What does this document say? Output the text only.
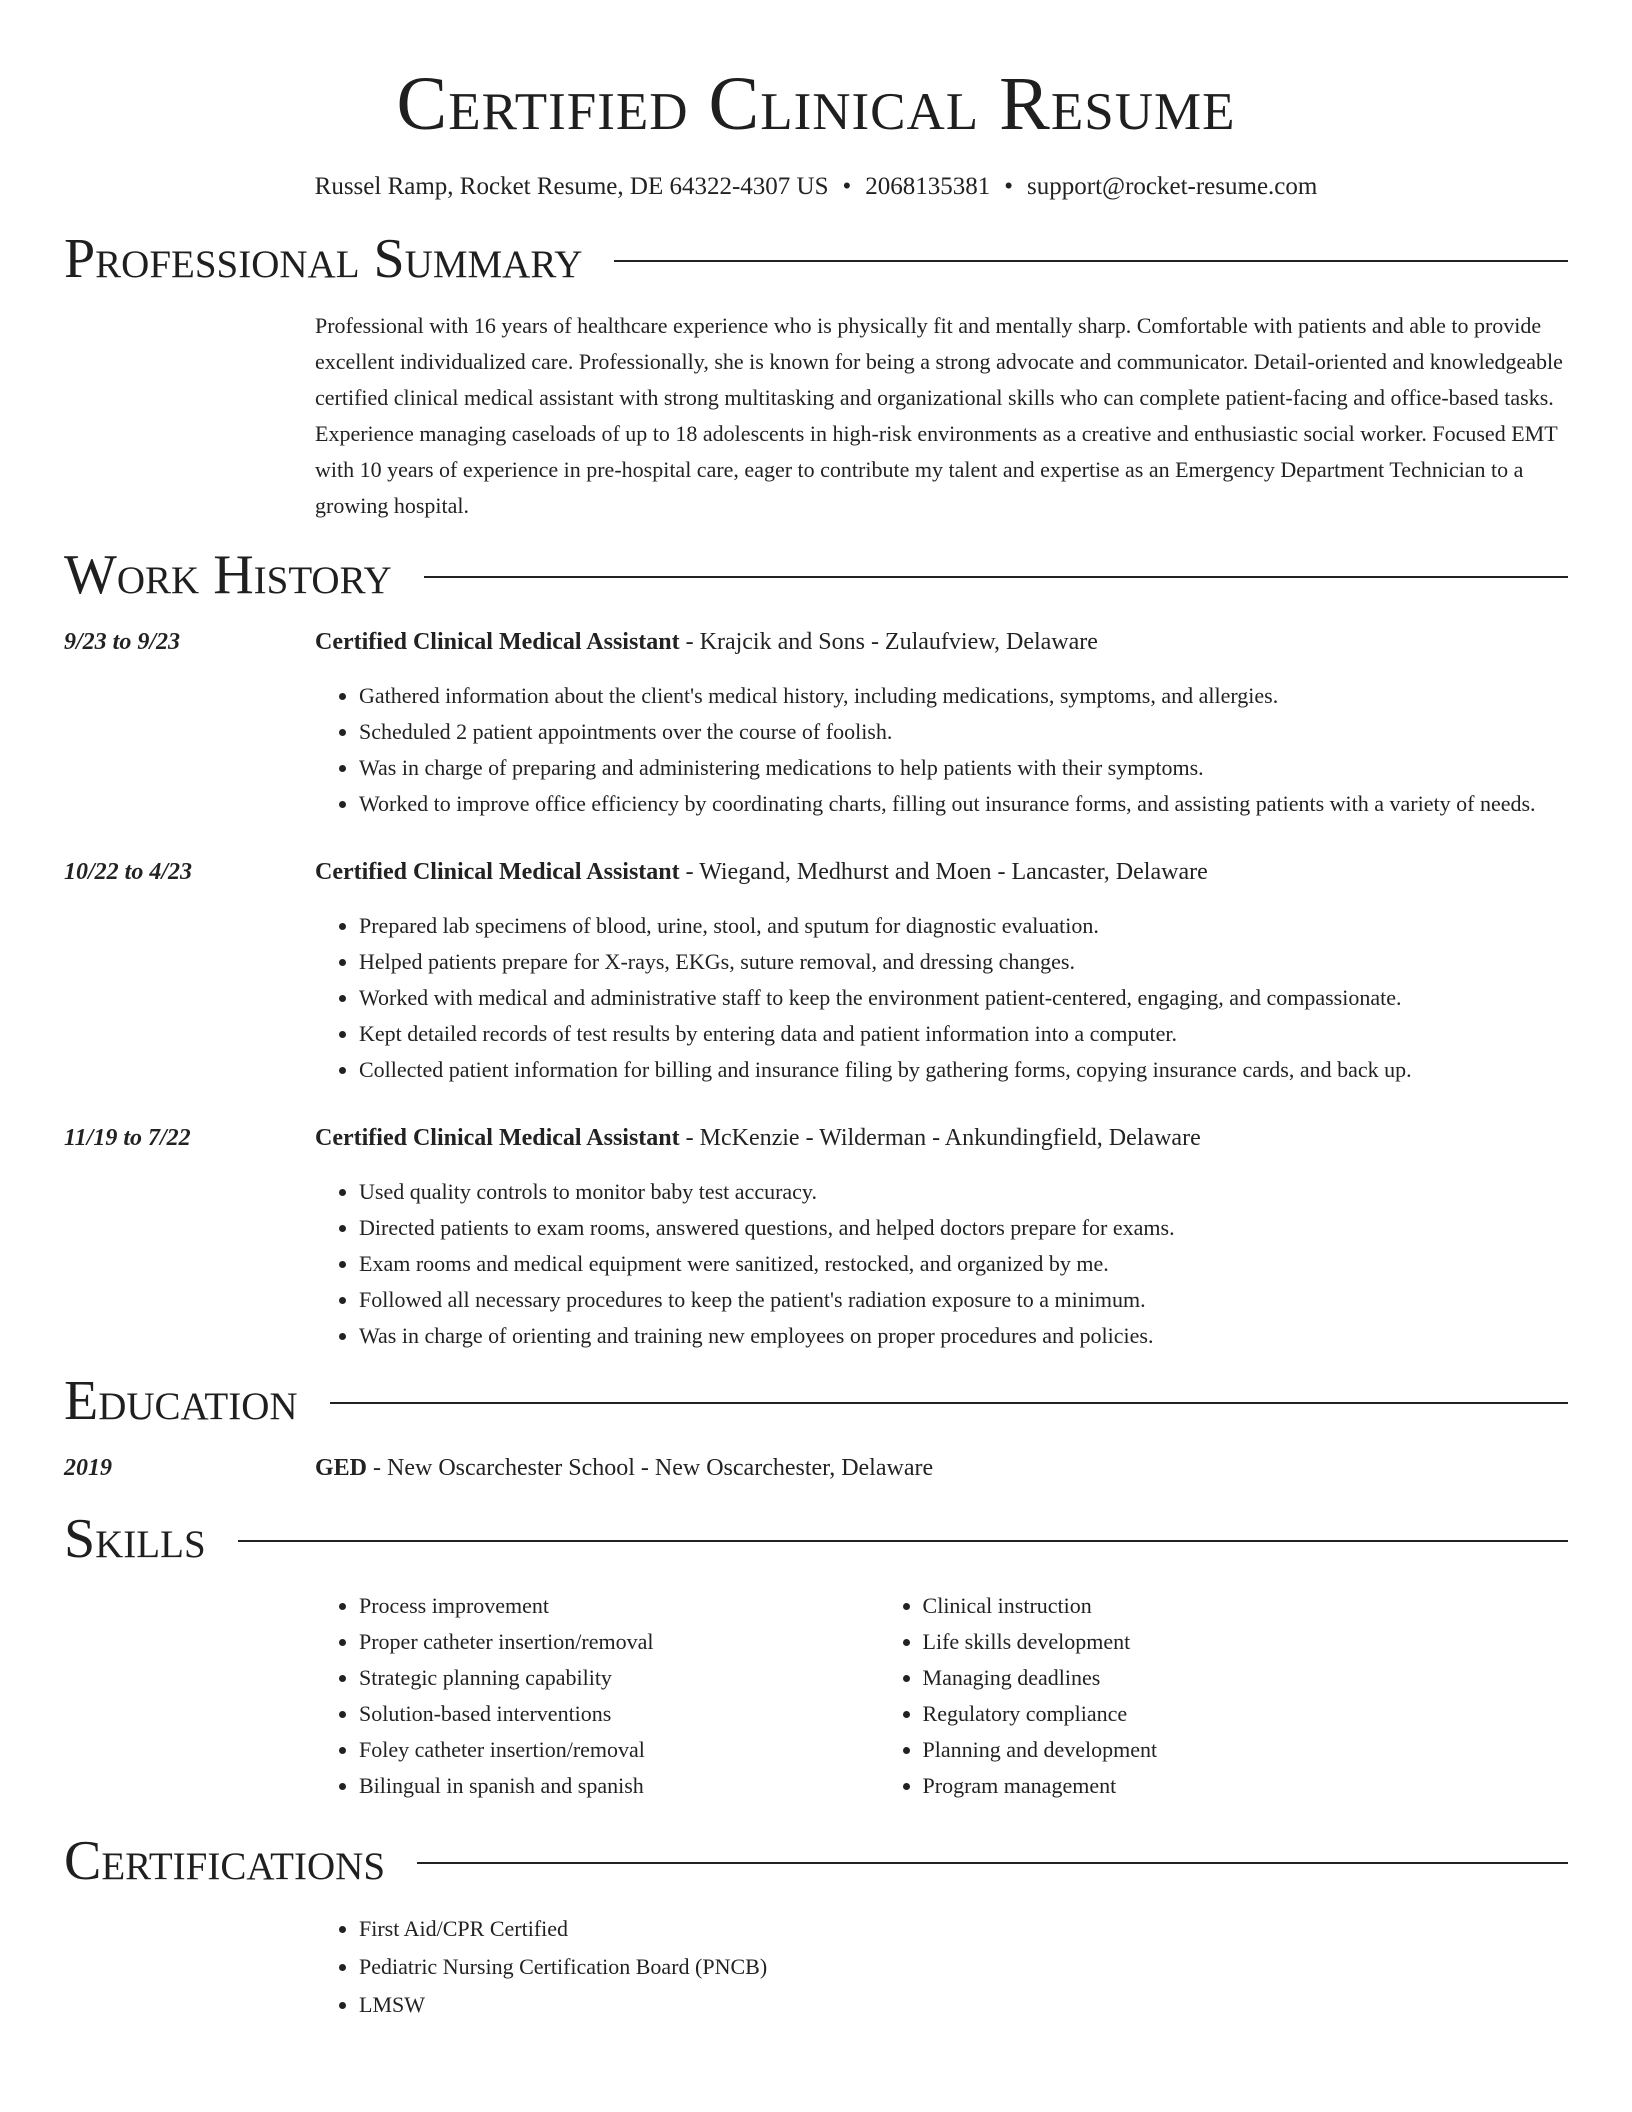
Certified Clinical Resume
Russel Ramp, Rocket Resume, DE 64322-4307 US • 2068135381 • support@rocket-resume.com
Professional Summary

Professional with 16 years of healthcare experience who is physically fit and mentally sharp. Comfortable with patients and able to provide excellent individualized care. Professionally, she is known for being a strong advocate and communicator. Detail-oriented and knowledgeable certified clinical medical assistant with strong multitasking and organizational skills who can complete patient-facing and office-based tasks. Experience managing caseloads of up to 18 adolescents in high-risk environments as a creative and enthusiastic social worker. Focused EMT with 10 years of experience in pre-hospital care, eager to contribute my talent and expertise as an Emergency Department Technician to a growing hospital.

Work History
9/23 to 9/23	Certified Clinical Medical Assistant - Krajcik and Sons - Zulaufview, Delaware
• Gathered information about the client's medical history, including medications, symptoms, and allergies.
• Scheduled 2 patient appointments over the course of foolish.
• Was in charge of preparing and administering medications to help patients with their symptoms.
• Worked to improve office efficiency by coordinating charts, filling out insurance forms, and assisting patients with a variety of needs.
10/22 to 4/23	Certified Clinical Medical Assistant - Wiegand, Medhurst and Moen - Lancaster, Delaware
• Prepared lab specimens of blood, urine, stool, and sputum for diagnostic evaluation.
• Helped patients prepare for X-rays, EKGs, suture removal, and dressing changes.
• Worked with medical and administrative staff to keep the environment patient-centered, engaging, and compassionate.
• Kept detailed records of test results by entering data and patient information into a computer.
• Collected patient information for billing and insurance filing by gathering forms, copying insurance cards, and back up.
11/19 to 7/22	Certified Clinical Medical Assistant - McKenzie - Wilderman - Ankundingfield, Delaware
• Used quality controls to monitor baby test accuracy.
• Directed patients to exam rooms, answered questions, and helped doctors prepare for exams.
• Exam rooms and medical equipment were sanitized, restocked, and organized by me.
• Followed all necessary procedures to keep the patient's radiation exposure to a minimum.
• Was in charge of orienting and training new employees on proper procedures and policies.
Education
2019	GED - New Oscarchester School - New Oscarchester, Delaware
Skills
• Process improvement
• Proper catheter insertion/removal
• Strategic planning capability
• Solution-based interventions
• Foley catheter insertion/removal
• Bilingual in spanish and spanish
• Clinical instruction
• Life skills development
• Managing deadlines
• Regulatory compliance
• Planning and development
• Program management
Certifications
• First Aid/CPR Certified
• Pediatric Nursing Certification Board (PNCB)
• LMSW
